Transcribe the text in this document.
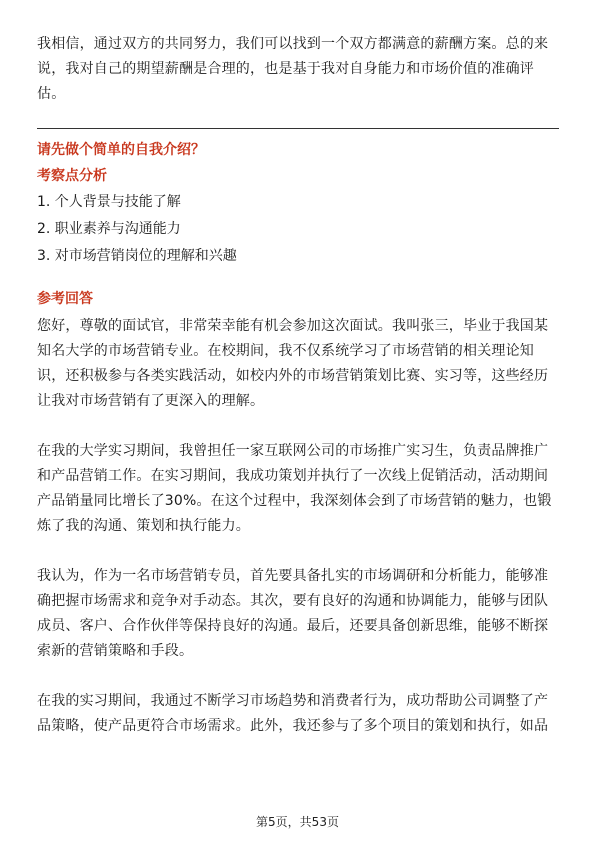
我相信，通过双方的共同努力，我们可以找到一个双方都满意的薪酬方案。总的来说，我对自己的期望薪酬是合理的，也是基于我对自身能力和市场价值的准确评估。

请先做个简单的自我介绍？

考察点分析

1. 个人背景与技能了解
2. 职业素养与沟通能力
3. 对市场营销岗位的理解和兴趣

参考回答

您好，尊敬的面试官，非常荣幸能有机会参加这次面试。我叫张三，毕业于我国某知名大学的市场营销专业。在校期间，我不仅系统学习了市场营销的相关理论知识，还积极参与各类实践活动，如校内外的市场营销策划比赛、实习等，这些经历让我对市场营销有了更深入的理解。

在我的大学实习期间，我曾担任一家互联网公司的市场推广实习生，负责品牌推广和产品营销工作。在实习期间，我成功策划并执行了一次线上促销活动，活动期间产品销量同比增长了30%。在这个过程中，我深刻体会到了市场营销的魅力，也锻炼了我的沟通、策划和执行能力。

我认为，作为一名市场营销专员，首先要具备扎实的市场调研和分析能力，能够准确把握市场需求和竞争对手动态。其次，要有良好的沟通和协调能力，能够与团队成员、客户、合作伙伴等保持良好的沟通。最后，还要具备创新思维，能够不断探索新的营销策略和手段。

在我的实习期间，我通过不断学习市场趋势和消费者行为，成功帮助公司调整了产品策略，使产品更符合市场需求。此外，我还参与了多个项目的策划和执行，如品

第5页，共53页
